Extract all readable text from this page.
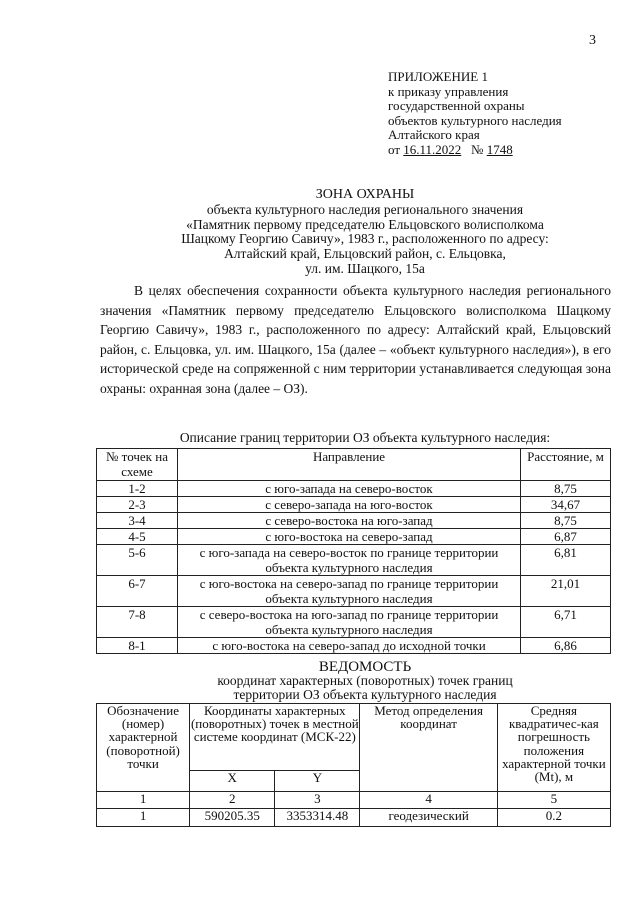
3
ПРИЛОЖЕНИЕ 1
к приказу управления
государственной охраны
объектов культурного наследия
Алтайского края
от 16.11.2022 № 1748
ЗОНА ОХРАНЫ
объекта культурного наследия регионального значения
«Памятник первому председателю Ельцовского волисполкома
Шацкому Георгию Савичу», 1983 г., расположенного по адресу:
Алтайский край, Ельцовский район, с. Ельцовка,
ул. им. Шацкого, 15а
В целях обеспечения сохранности объекта культурного наследия регионального значения «Памятник первому председателю Ельцовского волисполкома Шацкому Георгию Савичу», 1983 г., расположенного по адресу: Алтайский край, Ельцовский район, с. Ельцовка, ул. им. Шацкого, 15а (далее – «объект культурного наследия»), в его исторической среде на сопряженной с ним территории устанавливается следующая зона охраны: охранная зона (далее – ОЗ).
Описание границ территории ОЗ объекта культурного наследия:
№ точек на схеме	Направление	Расстояние, м
1-2	с юго-запада на северо-восток	8,75
2-3	с северо-запада на юго-восток	34,67
3-4	с северо-востока на юго-запад	8,75
4-5	с юго-востока на северо-запад	6,87
5-6	с юго-запада на северо-восток по границе территории объекта культурного наследия	6,81
6-7	с юго-востока на северо-запад по границе территории объекта культурного наследия	21,01
7-8	с северо-востока на юго-запад по границе территории объекта культурного наследия	6,71
8-1	с юго-востока на северо-запад до исходной точки	6,86
ВЕДОМОСТЬ
координат характерных (поворотных) точек границ
территории ОЗ объекта культурного наследия
Обозначение (номер) характерной (поворотной) точки	Координаты характерных (поворотных) точек в местной системе координат (МСК-22)		Метод определения координат	Средняя квадратичес-кая погрешность положения характерной точки (Mt), м
	X	Y		
1	2	3	4	5
1	590205.35	3353314.48	геодезический	0.2
